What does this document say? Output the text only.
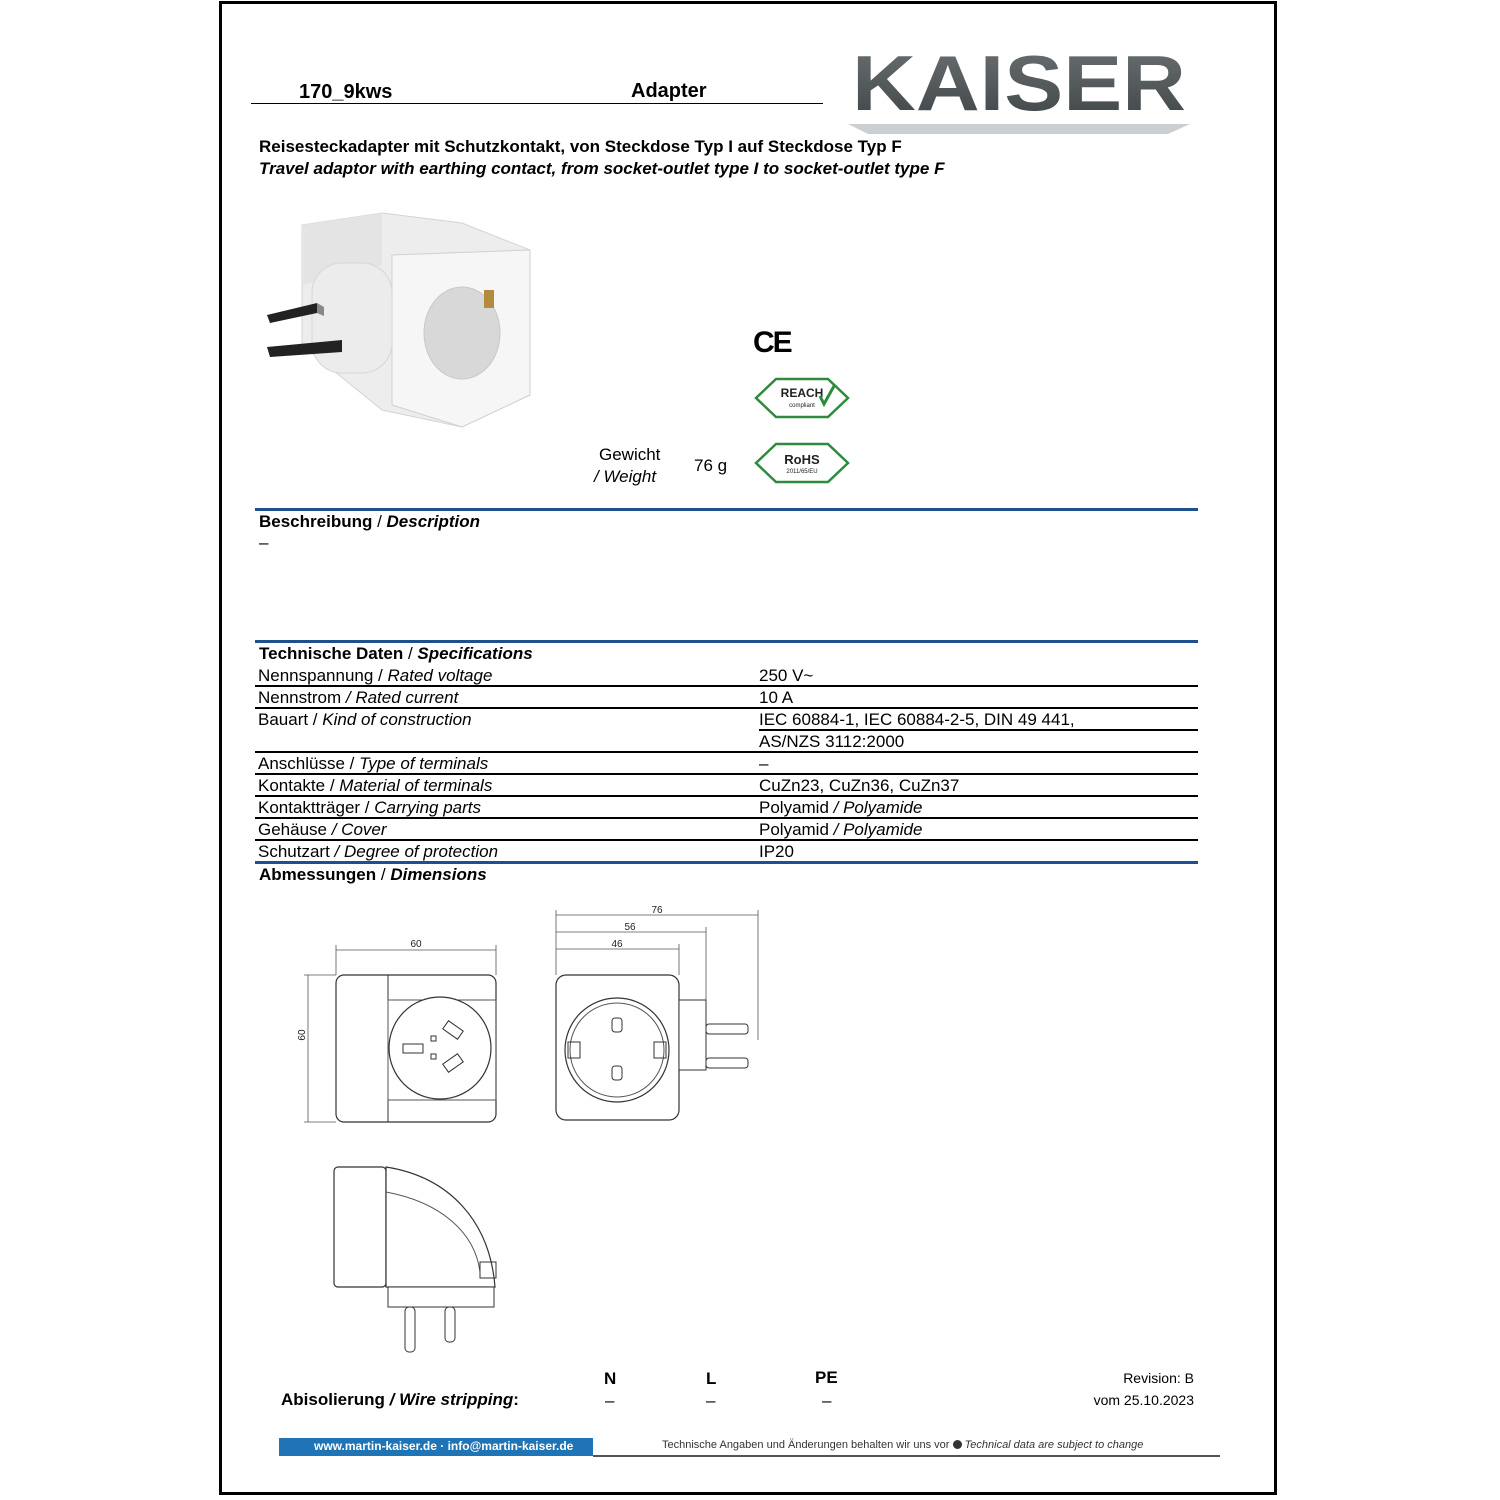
170_9kws	Adapter KAISER
Reisesteckadapter mit Schutzkontakt, von Steckdose Typ I auf Steckdose Typ F
Travel adaptor with earthing contact, from socket-outlet type I to socket-outlet type F
CE
REACH
compliant
Gewicht
/ Weight
76 g	RoHS
2011/65/EU
Beschreibung / Description
–
Technische Daten / Specifications
Nennspannung / Rated voltage	250 V~
Nennstrom / Rated current	10 A
Bauart / Kind of construction	IEC 60884-1, IEC 60884-2-5, DIN 49 441,
AS/NZS 3112:2000
Anschlüsse / Type of terminals	–
Kontakte / Material of terminals	CuZn23, CuZn36, CuZn37
Kontaktträger / Carrying parts	Polyamid / Polyamide
Gehäuse / Cover	Polyamid / Polyamide
Schutzart / Degree of protection	IP20
Abmessungen / Dimensions
60
60
76
56
46
Abisolierung / Wire stripping:
N
–
L
–
PE
–
Revision: B
vom 25.10.2023
www.martin-kaiser.de · info@martin-kaiser.de	Technische Angaben und Änderungen behalten wir uns vor Technical data are subject to change
